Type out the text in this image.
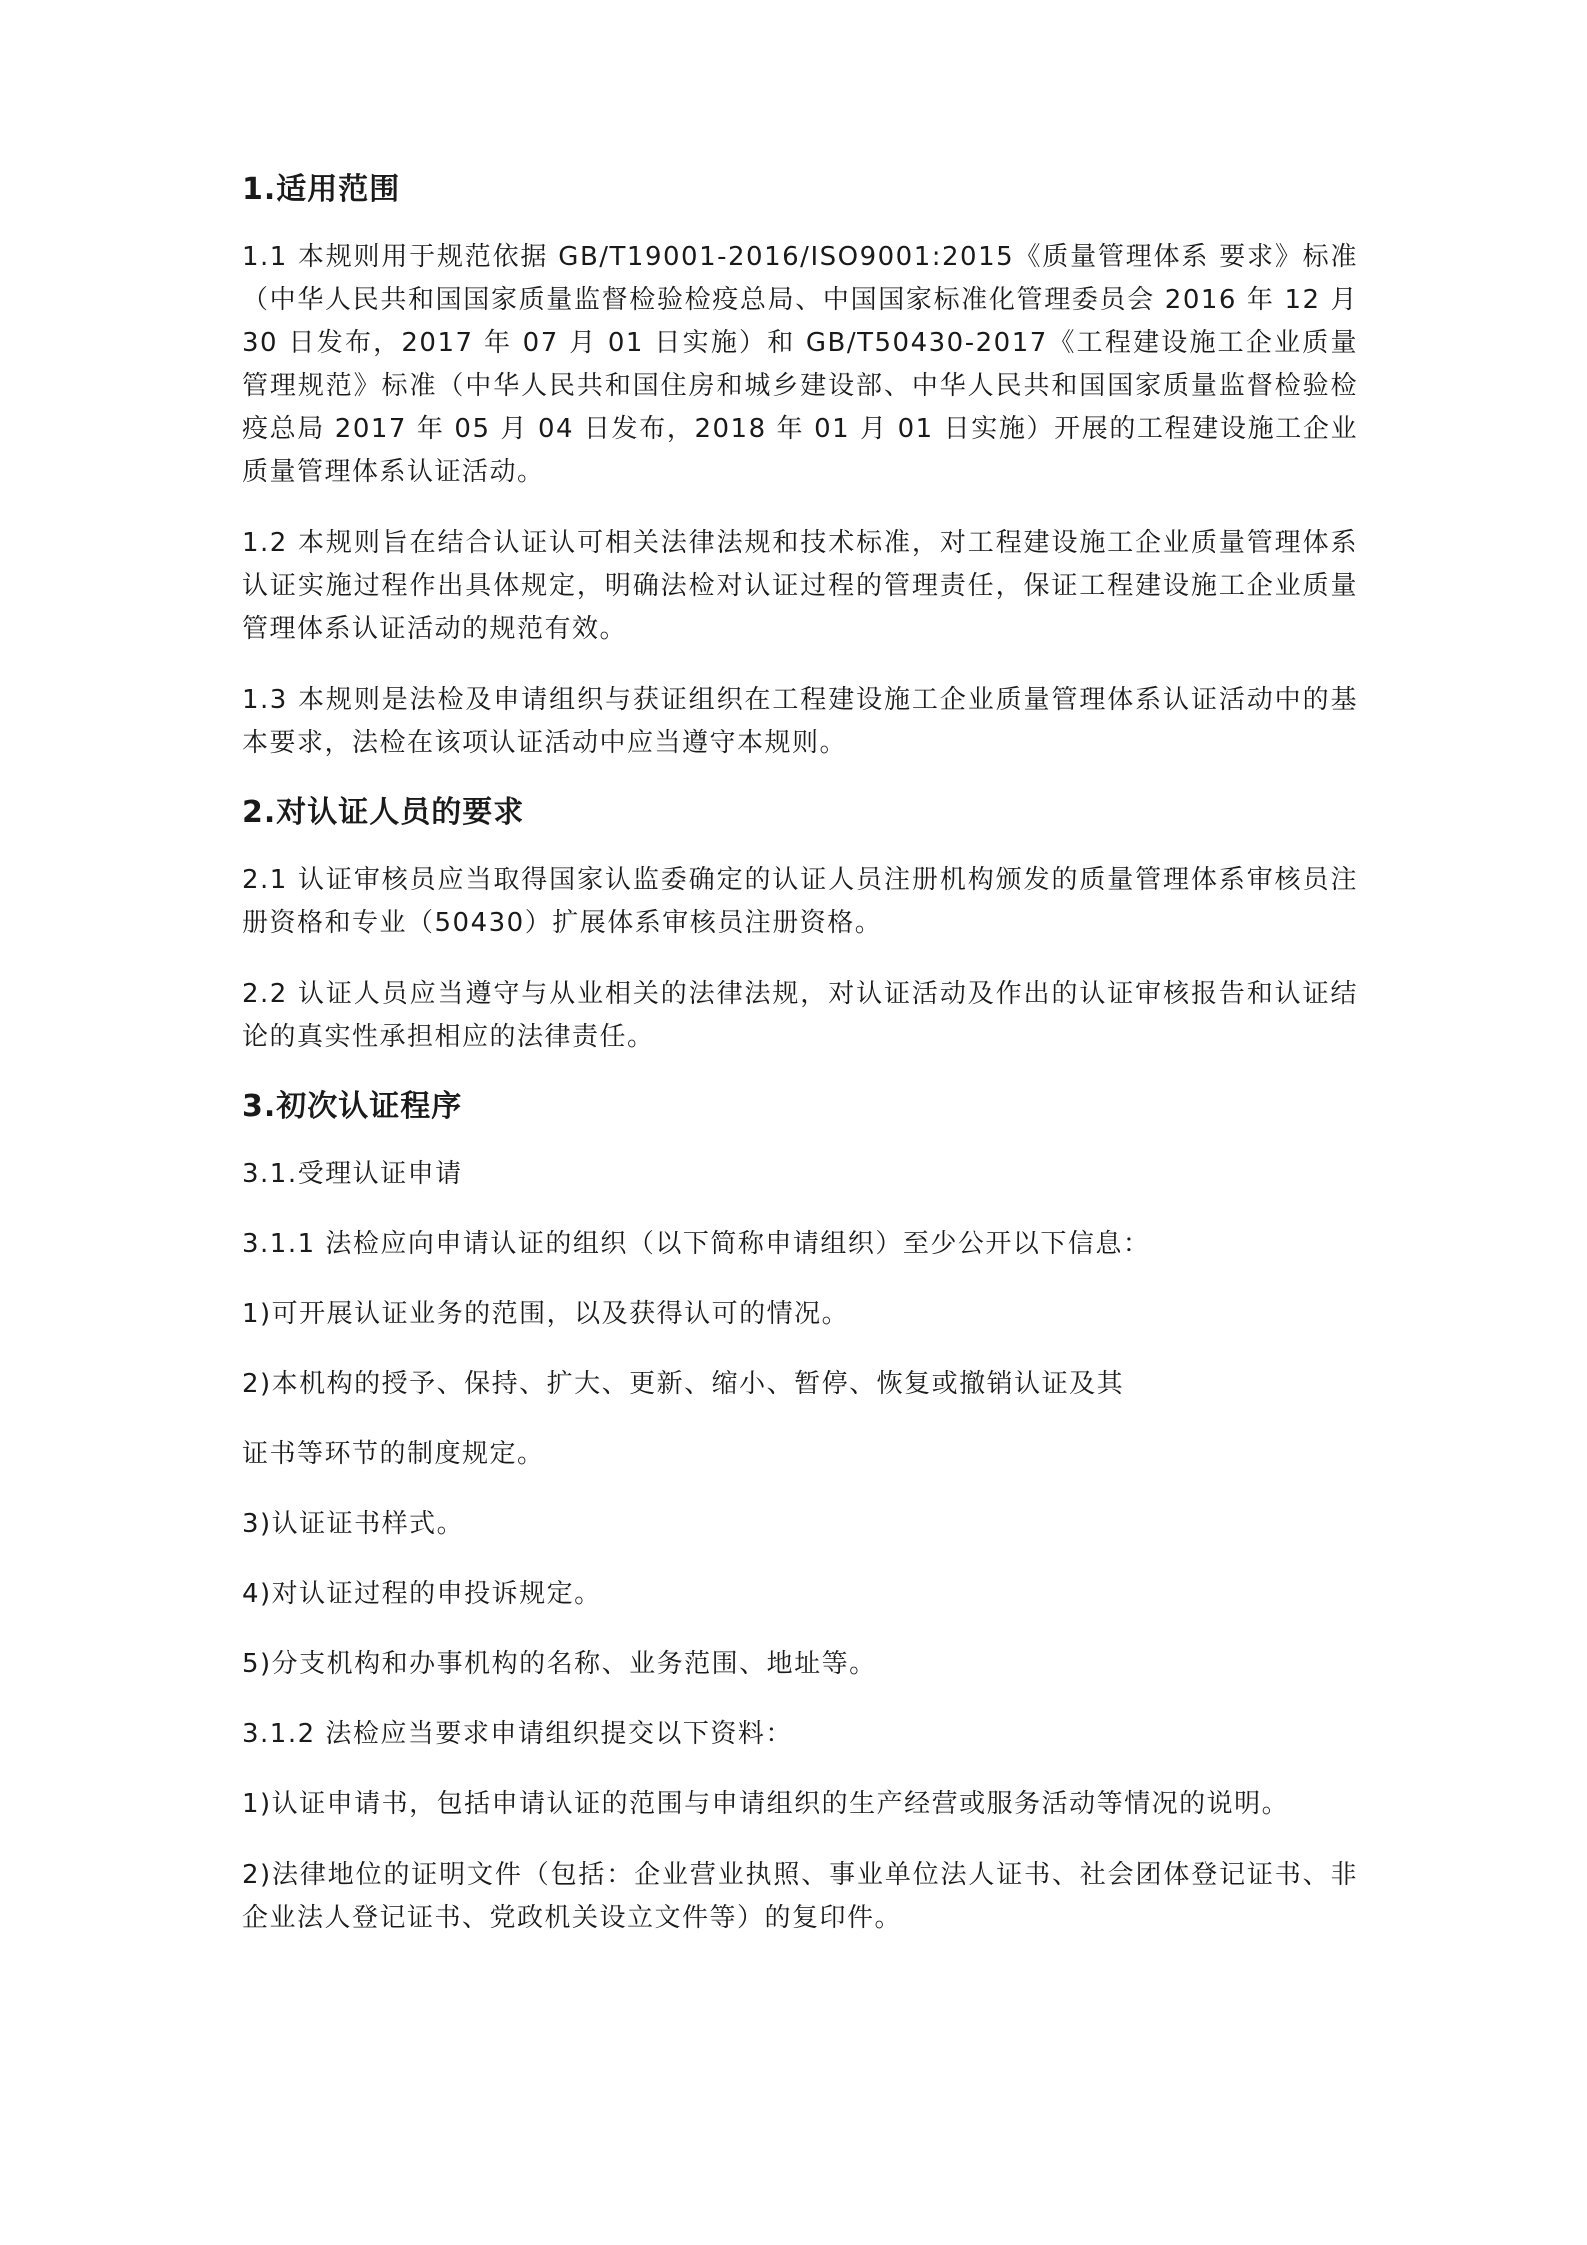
1.适用范围
1.1 本规则用于规范依据 GB/T19001-2016/ISO9001:2015《质量管理体系 要求》标准（中华人民共和国国家质量监督检验检疫总局、中国国家标准化管理委员会 2016 年 12 月 30 日发布，2017 年 07 月 01 日实施）和 GB/T50430-2017《工程建设施工企业质量管理规范》标准（中华人民共和国住房和城乡建设部、中华人民共和国国家质量监督检验检疫总局 2017 年 05 月 04 日发布，2018 年 01 月 01 日实施）开展的工程建设施工企业质量管理体系认证活动。
1.2 本规则旨在结合认证认可相关法律法规和技术标准，对工程建设施工企业质量管理体系认证实施过程作出具体规定，明确法检对认证过程的管理责任，保证工程建设施工企业质量管理体系认证活动的规范有效。
1.3 本规则是法检及申请组织与获证组织在工程建设施工企业质量管理体系认证活动中的基本要求，法检在该项认证活动中应当遵守本规则。
2.对认证人员的要求
2.1 认证审核员应当取得国家认监委确定的认证人员注册机构颁发的质量管理体系审核员注册资格和专业（50430）扩展体系审核员注册资格。
2.2 认证人员应当遵守与从业相关的法律法规，对认证活动及作出的认证审核报告和认证结论的真实性承担相应的法律责任。
3.初次认证程序
3.1.受理认证申请
3.1.1 法检应向申请认证的组织（以下简称申请组织）至少公开以下信息：
1)可开展认证业务的范围，以及获得认可的情况。
2)本机构的授予、保持、扩大、更新、缩小、暂停、恢复或撤销认证及其
证书等环节的制度规定。
3)认证证书样式。
4)对认证过程的申投诉规定。
5)分支机构和办事机构的名称、业务范围、地址等。
3.1.2 法检应当要求申请组织提交以下资料：
1)认证申请书，包括申请认证的范围与申请组织的生产经营或服务活动等情况的说明。
2)法律地位的证明文件（包括：企业营业执照、事业单位法人证书、社会团体登记证书、非企业法人登记证书、党政机关设立文件等）的复印件。
